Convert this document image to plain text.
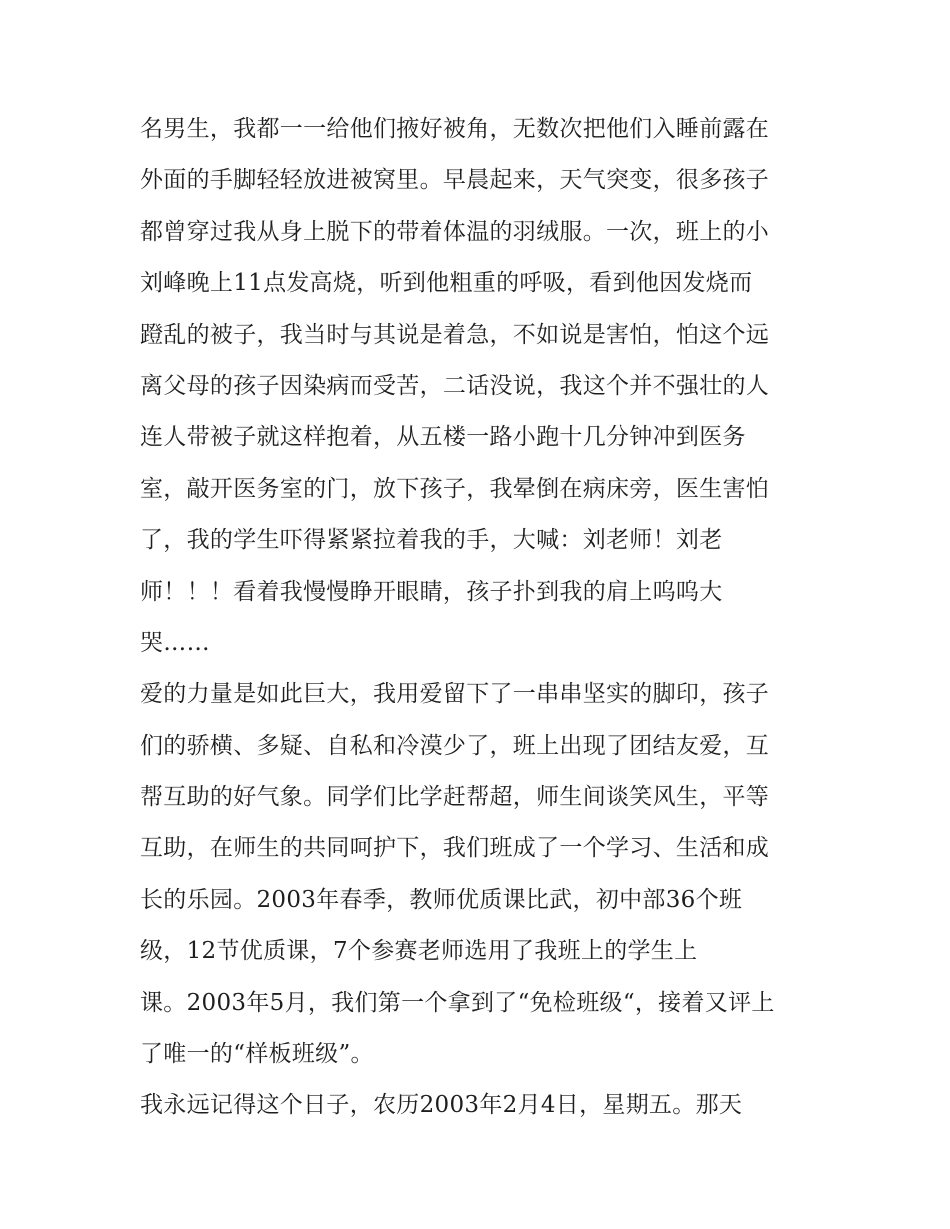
名男生，我都一一给他们掖好被角，无数次把他们入睡前露在
外面的手脚轻轻放进被窝里。早晨起来，天气突变，很多孩子
都曾穿过我从身上脱下的带着体温的羽绒服。一次，班上的小
刘峰晚上11点发高烧，听到他粗重的呼吸，看到他因发烧而
蹬乱的被子，我当时与其说是着急，不如说是害怕，怕这个远
离父母的孩子因染病而受苦，二话没说，我这个并不强壮的人
连人带被子就这样抱着，从五楼一路小跑十几分钟冲到医务
室，敲开医务室的门，放下孩子，我晕倒在病床旁，医生害怕
了，我的学生吓得紧紧拉着我的手，大喊：刘老师！刘老
师！！！看着我慢慢睁开眼睛，孩子扑到我的肩上呜呜大
哭……
爱的力量是如此巨大，我用爱留下了一串串坚实的脚印，孩子
们的骄横、多疑、自私和冷漠少了，班上出现了团结友爱，互
帮互助的好气象。同学们比学赶帮超，师生间谈笑风生，平等
互助，在师生的共同呵护下，我们班成了一个学习、生活和成
长的乐园。2003年春季，教师优质课比武，初中部36个班
级，12节优质课，7个参赛老师选用了我班上的学生上
课。2003年5月，我们第一个拿到了“免检班级“，接着又评上
了唯一的“样板班级”。
我永远记得这个日子，农历2003年2月4日，星期五。那天
